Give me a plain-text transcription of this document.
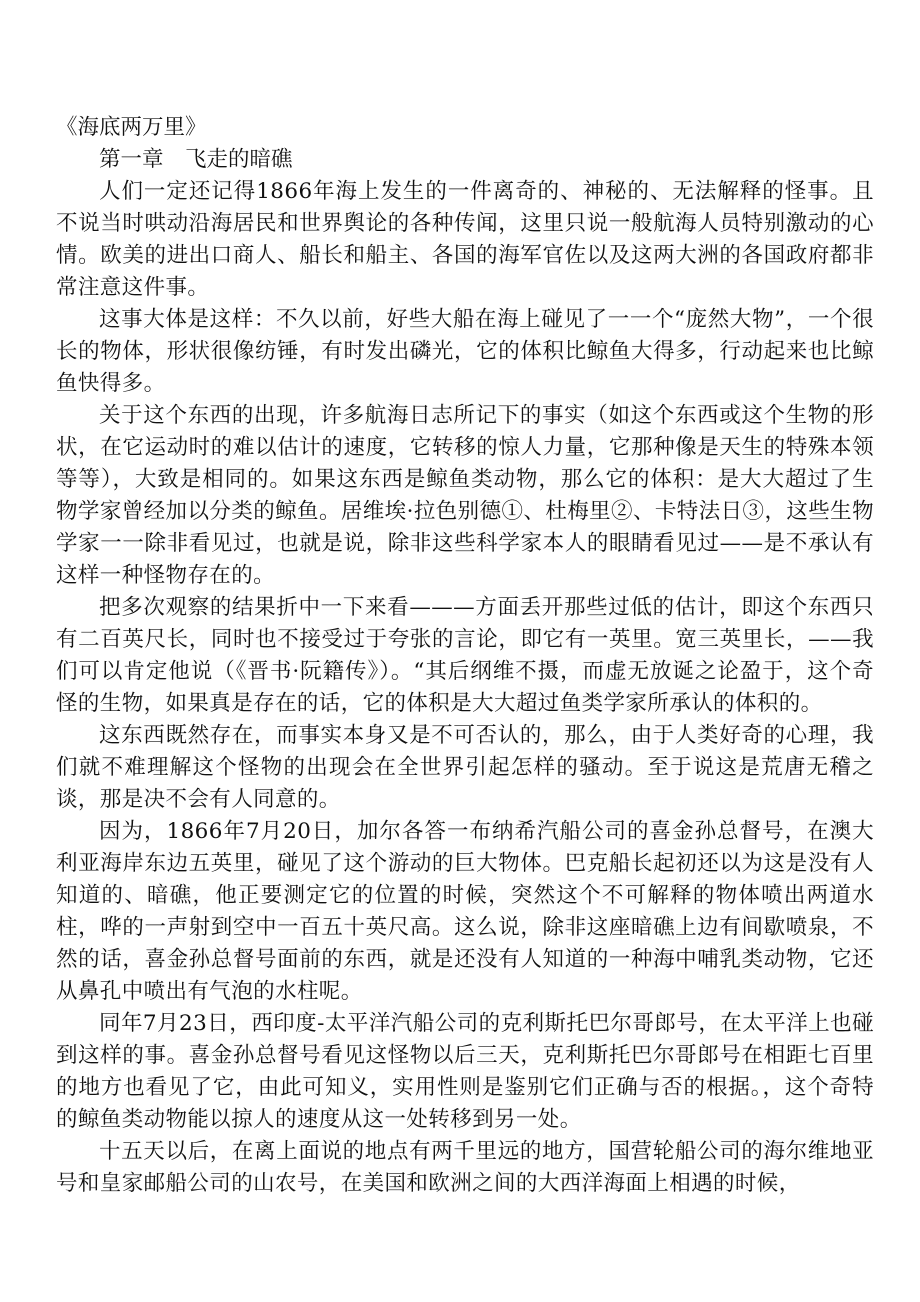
《海底两万里》

第一章　飞走的暗礁

人们一定还记得1866年海上发生的一件离奇的、神秘的、无法解释的怪事。且不说当时哄动沿海居民和世界舆论的各种传闻，这里只说一般航海人员特别激动的心情。欧美的进出口商人、船长和船主、各国的海军官佐以及这两大洲的各国政府都非常注意这件事。

这事大体是这样：不久以前，好些大船在海上碰见了一一个“庞然大物”，一个很长的物体，形状很像纺锤，有时发出磷光，它的体积比鲸鱼大得多，行动起来也比鲸鱼快得多。

关于这个东西的出现，许多航海日志所记下的事实（如这个东西或这个生物的形状，在它运动时的难以估计的速度，它转移的惊人力量，它那种像是天生的特殊本领等等），大致是相同的。如果这东西是鲸鱼类动物，那么它的体积：是大大超过了生物学家曾经加以分类的鲸鱼。居维埃·拉色别德①、杜梅里②、卡特法日③，这些生物学家一一除非看见过，也就是说，除非这些科学家本人的眼睛看见过——是不承认有这样一种怪物存在的。

把多次观察的结果折中一下来看———方面丢开那些过低的估计，即这个东西只有二百英尺长，同时也不接受过于夸张的言论，即它有一英里。宽三英里长，——我们可以肯定他说（《晋书·阮籍传》）。“其后纲维不摄，而虚无放诞之论盈于，这个奇怪的生物，如果真是存在的话，它的体积是大大超过鱼类学家所承认的体积的。

这东西既然存在，而事实本身又是不可否认的，那么，由于人类好奇的心理，我们就不难理解这个怪物的出现会在全世界引起怎样的骚动。至于说这是荒唐无稽之谈，那是决不会有人同意的。

因为，1866年7月20日，加尔各答一布纳希汽船公司的喜金孙总督号，在澳大利亚海岸东边五英里，碰见了这个游动的巨大物体。巴克船长起初还以为这是没有人知道的、暗礁，他正要测定它的位置的时候，突然这个不可解释的物体喷出两道水柱，哗的一声射到空中一百五十英尺高。这么说，除非这座暗礁上边有间歇喷泉，不然的话，喜金孙总督号面前的东西，就是还没有人知道的一种海中哺乳类动物，它还从鼻孔中喷出有气泡的水柱呢。

同年7月23日，西印度-太平洋汽船公司的克利斯托巴尔哥郎号，在太平洋上也碰到这样的事。喜金孙总督号看见这怪物以后三天，克利斯托巴尔哥郎号在相距七百里的地方也看见了它，由此可知义，实用性则是鉴别它们正确与否的根据。，这个奇特的鲸鱼类动物能以掠人的速度从这一处转移到另一处。

十五天以后，在离上面说的地点有两千里远的地方，国营轮船公司的海尔维地亚号和皇家邮船公司的山农号，在美国和欧洲之间的大西洋海面上相遇的时候，
